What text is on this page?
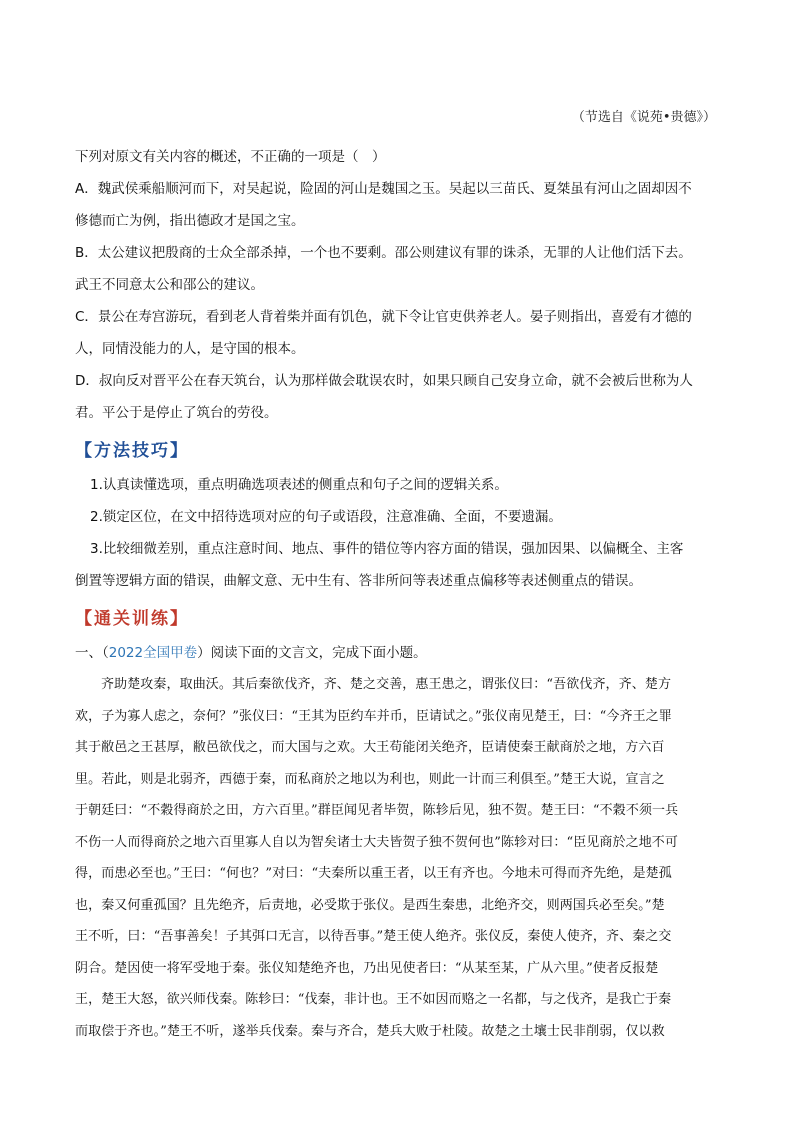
（节选自《说苑•贵德》）
下列对原文有关内容的概述，不正确的一项是（　）
A．魏武侯乘船顺河而下，对吴起说，险固的河山是魏国之玉。吴起以三苗氏、夏桀虽有河山之固却因不
修德而亡为例，指出德政才是国之宝。
B．太公建议把殷商的士众全部杀掉，一个也不要剩。邵公则建议有罪的诛杀，无罪的人让他们活下去。
武王不同意太公和邵公的建议。
C．景公在寿宫游玩，看到老人背着柴并面有饥色，就下令让官吏供养老人。晏子则指出，喜爱有才德的
人，同情没能力的人，是守国的根本。
D．叔向反对晋平公在春天筑台，认为那样做会耽误农时，如果只顾自己安身立命，就不会被后世称为人
君。平公于是停止了筑台的劳役。
【方法技巧】
1.认真读懂选项，重点明确选项表述的侧重点和句子之间的逻辑关系。
2.锁定区位，在文中招待选项对应的句子或语段，注意准确、全面，不要遗漏。
3.比较细微差别，重点注意时间、地点、事件的错位等内容方面的错误，强加因果、以偏概全、主客
倒置等逻辑方面的错误，曲解文意、无中生有、答非所问等表述重点偏移等表述侧重点的错误。
【通关训练】
一、（2022全国甲卷）阅读下面的文言文，完成下面小题。
齐助楚攻秦，取曲沃。其后秦欲伐齐，齐、楚之交善，惠王患之，谓张仪曰：“吾欲伐齐，齐、楚方
欢，子为寡人虑之，奈何？”张仪曰：“王其为臣约车并币，臣请试之。”张仪南见楚王，曰：“今齐王之罪
其于敝邑之王甚厚，敝邑欲伐之，而大国与之欢。大王苟能闭关绝齐，臣请使秦王献商於之地，方六百
里。若此，则是北弱齐，西德于秦，而私商於之地以为利也，则此一计而三利俱至。”楚王大说，宣言之
于朝廷曰：“不穀得商於之田，方六百里。”群臣闻见者毕贺，陈轸后见，独不贺。楚王曰：“不穀不须一兵
不伤一人而得商於之地六百里寡人自以为智矣诸士大夫皆贺子独不贺何也”陈轸对曰：“臣见商於之地不可
得，而患必至也。”王曰：“何也？”对曰：“夫秦所以重王者，以王有齐也。今地未可得而齐先绝，是楚孤
也，秦又何重孤国？且先绝齐，后责地，必受欺于张仪。是西生秦患，北绝齐交，则两国兵必至矣。”楚
王不听，曰：“吾事善矣！子其弭口无言，以待吾事。”楚王使人绝齐。张仪反，秦使人使齐，齐、秦之交
阴合。楚因使一将军受地于秦。张仪知楚绝齐也，乃出见使者曰：“从某至某，广从六里。”使者反报楚
王，楚王大怒，欲兴师伐秦。陈轸曰：“伐秦，非计也。王不如因而赂之一名都，与之伐齐，是我亡于秦
而取偿于齐也。”楚王不听，遂举兵伐秦。秦与齐合，楚兵大败于杜陵。故楚之土壤士民非削弱，仅以救
